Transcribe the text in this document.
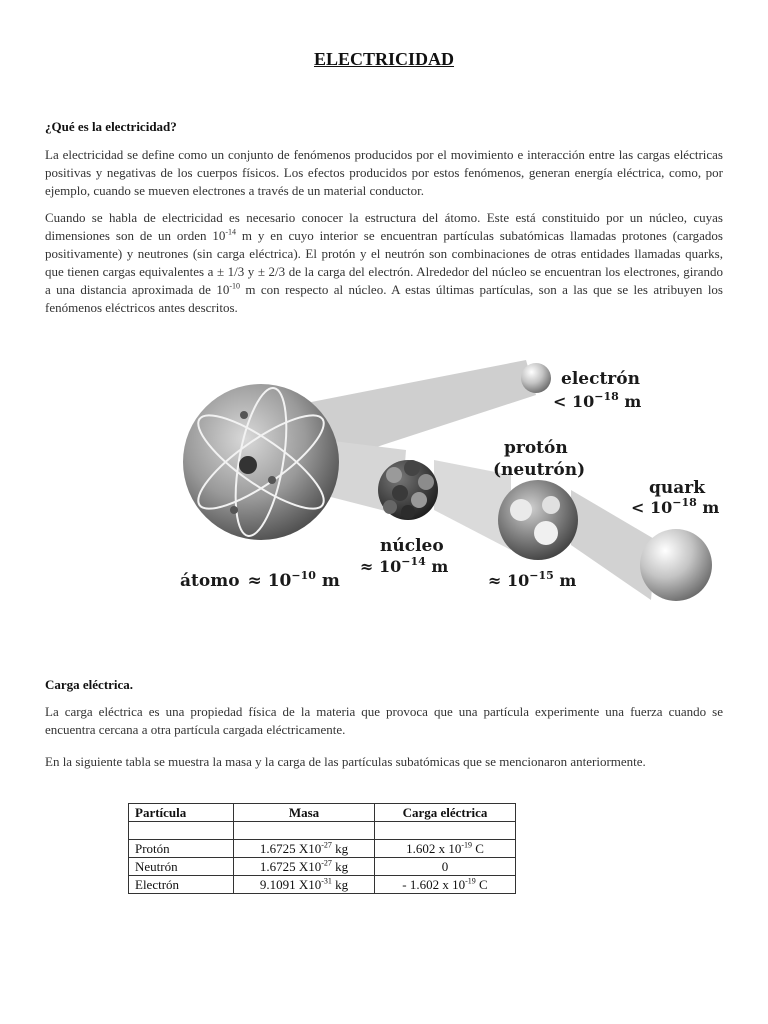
ELECTRICIDAD
¿Qué es la electricidad?
La electricidad se define como un conjunto de fenómenos producidos por el movimiento e interacción entre las cargas eléctricas positivas y negativas de los cuerpos físicos. Los efectos producidos por estos fenómenos, generan energía eléctrica, como, por ejemplo, cuando se mueven electrones a través de un material conductor.
Cuando se habla de electricidad es necesario conocer la estructura del átomo. Este está constituido por un núcleo, cuyas dimensiones son de un orden $10^{-14}$ m y en cuyo interior se encuentran partículas subatómicas llamadas protones (cargados positivamente) y neutrones (sin carga eléctrica). El protón y el neutrón son combinaciones de otras entidades llamadas quarks, que tienen cargas equivalentes a ± 1/3 y ± 2/3 de la carga del electrón. Alrededor del núcleo se encuentran los electrones, girando a una distancia aproximada de $10^{-10}$ m con respecto al núcleo. A estas últimas partículas, son a las que se les atribuyen los fenómenos eléctricos antes descritos.
electrón
< $10^{-18}$ m
protón
(neutrón)
quark
< $10^{-18}$ m
núcleo
≈ $10^{-14}$ m
átomo ≈ $10^{-10}$ m	≈ $10^{-15}$ m
Carga eléctrica.
La carga eléctrica es una propiedad física de la materia que provoca que una partícula experimente una fuerza cuando se encuentra cercana a otra partícula cargada eléctricamente.
En la siguiente tabla se muestra la masa y la carga de las partículas subatómicas que se mencionaron anteriormente.
Partícula	Masa	Carga eléctrica

Protón	1.6725 $X10^{-27}$ kg	1.602 x $10^{-19}$ C
Neutrón	1.6725 $X10^{-27}$ kg	0
Electrón	9.1091 $X10^{-31}$ kg	- 1.602 x $10^{-19}$ C
